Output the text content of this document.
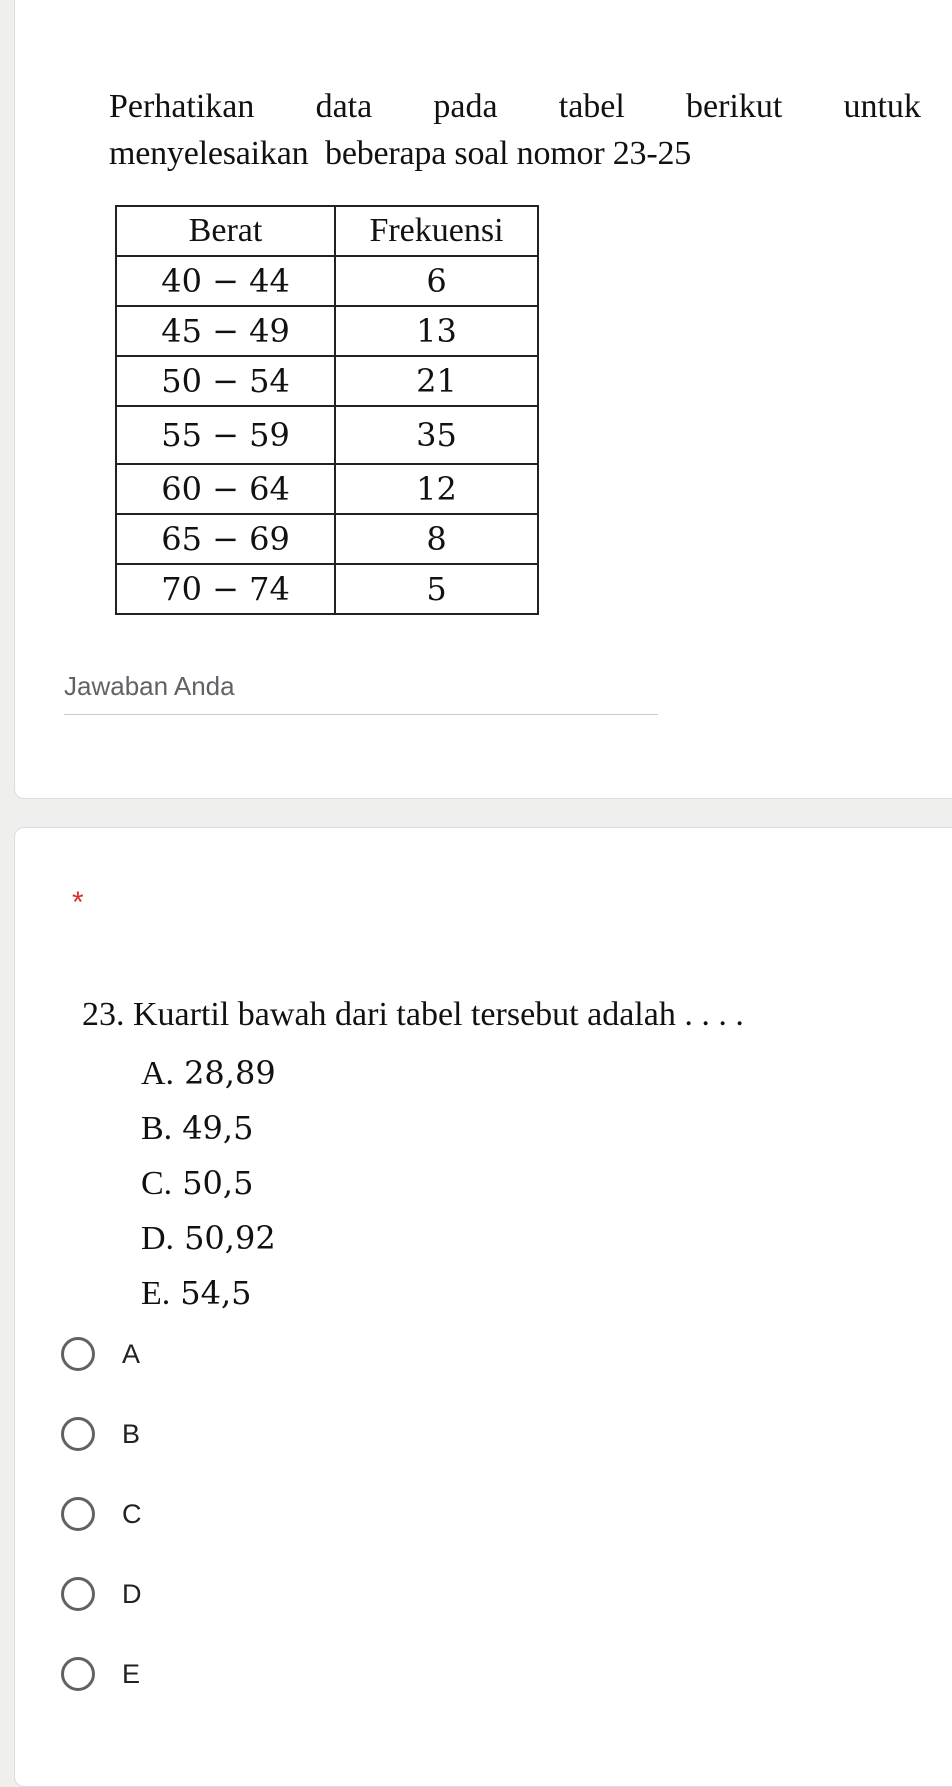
Perhatikan data pada tabel berikut untuk
menyelesaikan  beberapa soal nomor 23-25
Berat	Frekuensi
40 − 44	6
45 − 49	13
50 − 54	21
55 − 59	35
60 − 64	12
65 − 69	8
70 − 74	5
Jawaban Anda
*
23. Kuartil bawah dari tabel tersebut adalah . . . .
A. 28,89
B. 49,5
C. 50,5
D. 50,92
E. 54,5
A
B
C
D
E
